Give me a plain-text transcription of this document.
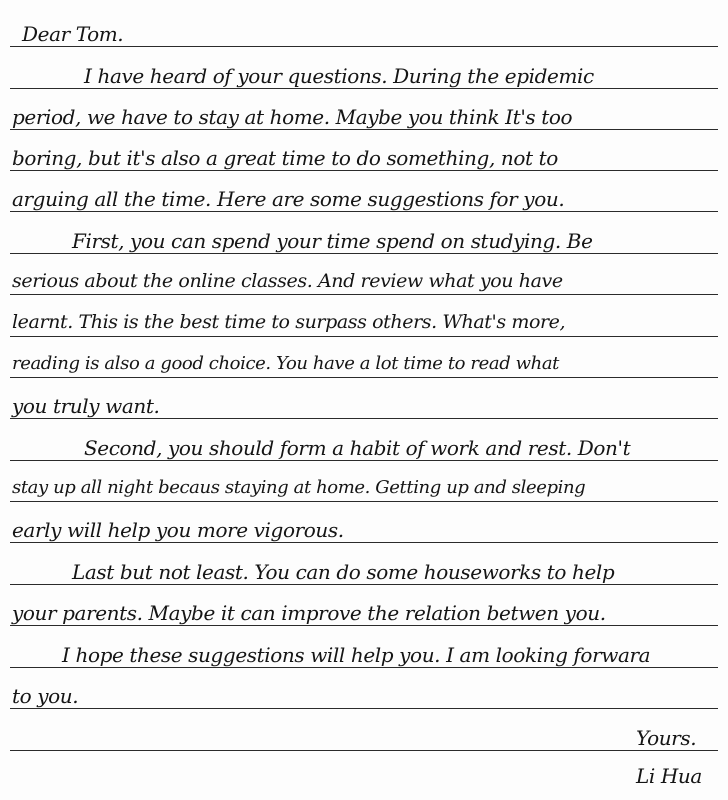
Dear Tom.
I have heard of your questions. During the epidemic
period, we have to stay at home. Maybe you think It's too
boring, but it's also a great time to do something, not to
arguing all the time. Here are some suggestions for you.
First, you can spend your time spend on studying. Be
serious about the online classes. And review what you have
learnt. This is the best time to surpass others. What's more,
reading is also a good choice. You have a lot time to read what
you truly want.
Second, you should form a habit of work and rest. Don't
stay up all night becaus staying at home. Getting up and sleeping
early will help you more vigorous.
Last but not least. You can do some houseworks to help
your parents. Maybe it can improve the relation betwen you.
I hope these suggestions will help you. I am looking forwara
to you.
Yours.
Li Hua
